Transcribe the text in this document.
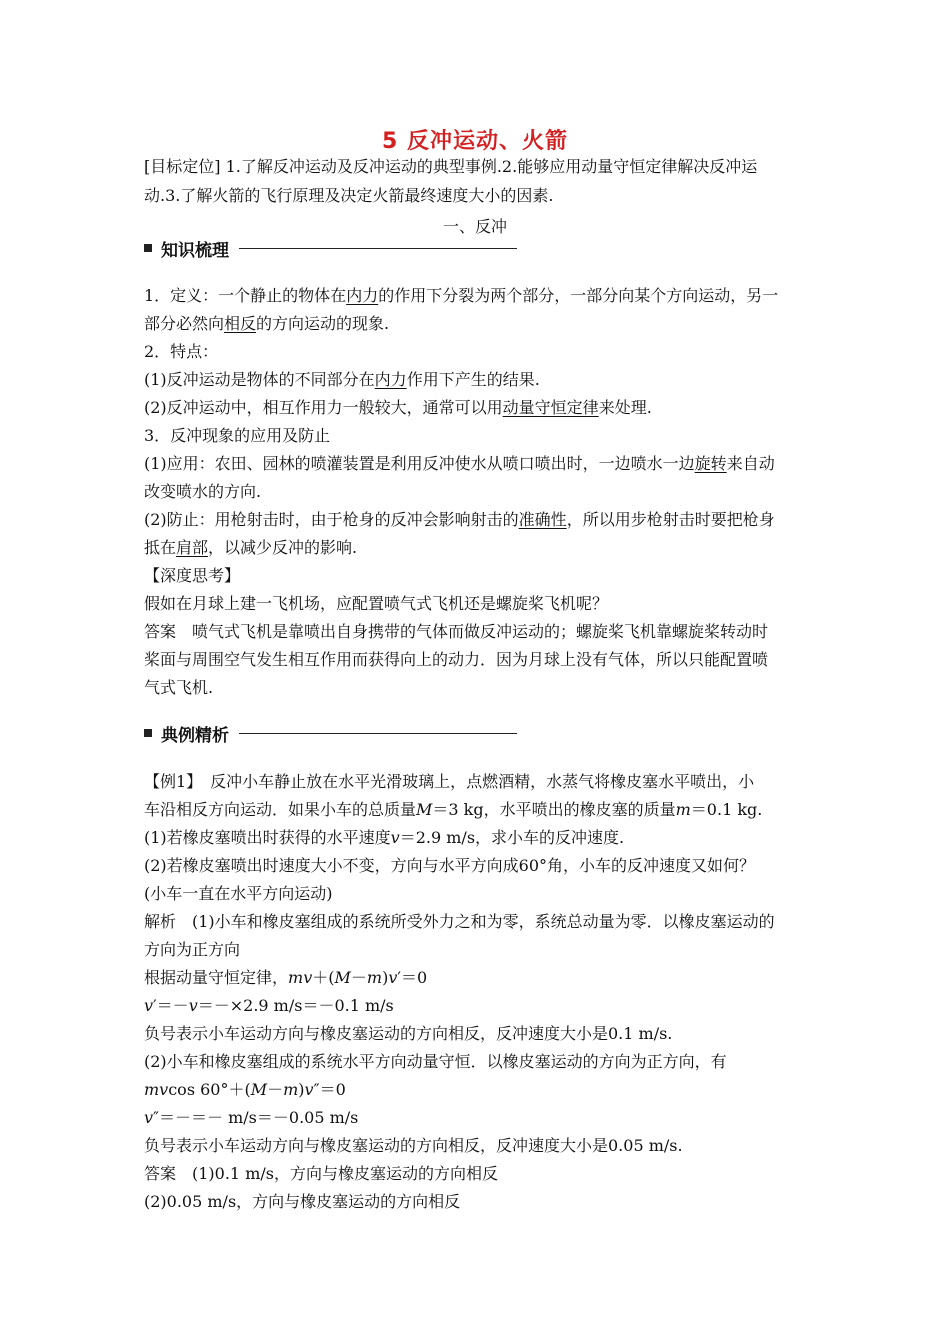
5 反冲运动、火箭
[目标定位] 1.了解反冲运动及反冲运动的典型事例.2.能够应用动量守恒定律解决反冲运
动.3.了解火箭的飞行原理及决定火箭最终速度大小的因素.
一、反冲
知识梳理
1．定义：一个静止的物体在内力的作用下分裂为两个部分，一部分向某个方向运动，另一
部分必然向相反的方向运动的现象.
2．特点：
(1)反冲运动是物体的不同部分在内力作用下产生的结果.
(2)反冲运动中，相互作用力一般较大，通常可以用动量守恒定律来处理.
3．反冲现象的应用及防止
(1)应用：农田、园林的喷灌装置是利用反冲使水从喷口喷出时，一边喷水一边旋转来自动
改变喷水的方向.
(2)防止：用枪射击时，由于枪身的反冲会影响射击的准确性，所以用步枪射击时要把枪身
抵在肩部，以减少反冲的影响.
【深度思考】
假如在月球上建一飞机场，应配置喷气式飞机还是螺旋桨飞机呢？
答案　喷气式飞机是靠喷出自身携带的气体而做反冲运动的；螺旋桨飞机靠螺旋桨转动时
桨面与周围空气发生相互作用而获得向上的动力．因为月球上没有气体，所以只能配置喷
气式飞机.
典例精析
【例1】　反冲小车静止放在水平光滑玻璃上，点燃酒精，水蒸气将橡皮塞水平喷出，小
车沿相反方向运动．如果小车的总质量M＝3 kg，水平喷出的橡皮塞的质量m＝0.1 kg.
(1)若橡皮塞喷出时获得的水平速度v＝2.9 m/s，求小车的反冲速度.
(2)若橡皮塞喷出时速度大小不变，方向与水平方向成60°角，小车的反冲速度又如何？
(小车一直在水平方向运动)
解析　(1)小车和橡皮塞组成的系统所受外力之和为零，系统总动量为零．以橡皮塞运动的
方向为正方向
根据动量守恒定律，mv＋(M－m)v′＝0
v′＝－v＝－×2.9 m/s＝－0.1 m/s
负号表示小车运动方向与橡皮塞运动的方向相反，反冲速度大小是0.1 m/s.
(2)小车和橡皮塞组成的系统水平方向动量守恒．以橡皮塞运动的方向为正方向，有
mvcos 60°＋(M－m)v″＝0
v″＝－＝－ m/s＝－0.05 m/s
负号表示小车运动方向与橡皮塞运动的方向相反，反冲速度大小是0.05 m/s.
答案　(1)0.1 m/s，方向与橡皮塞运动的方向相反
(2)0.05 m/s，方向与橡皮塞运动的方向相反
